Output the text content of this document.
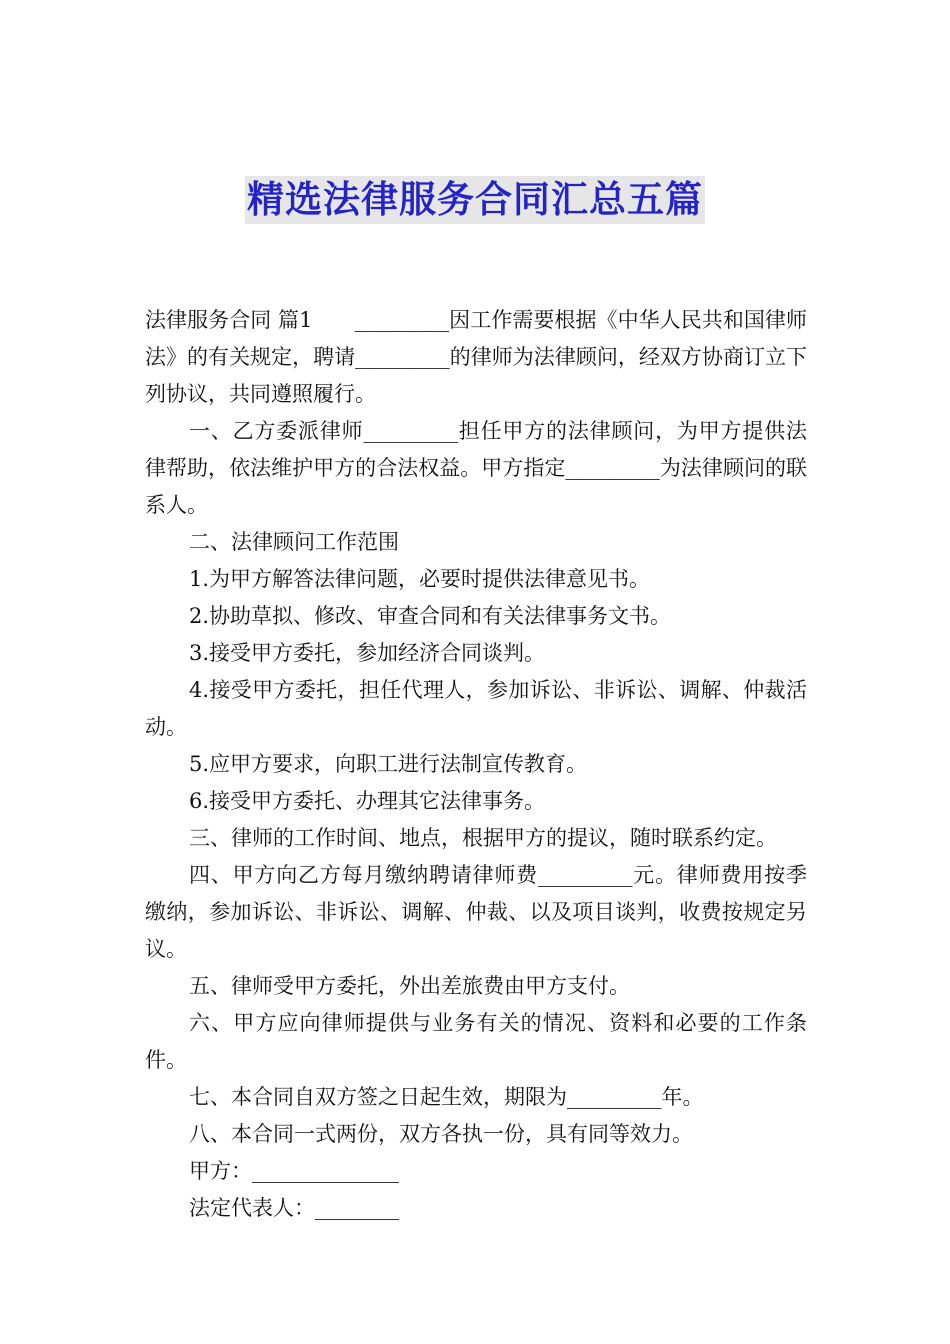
精选法律服务合同汇总五篇

法律服务合同 篇1　　_________因工作需要根据《中华人民共和国律师法》的有关规定，聘请_________的律师为法律顾问，经双方协商订立下列协议，共同遵照履行。

一、乙方委派律师_________担任甲方的法律顾问，为甲方提供法律帮助，依法维护甲方的合法权益。甲方指定_________为法律顾问的联系人。

二、法律顾问工作范围

1.为甲方解答法律问题，必要时提供法律意见书。

2.协助草拟、修改、审查合同和有关法律事务文书。

3.接受甲方委托，参加经济合同谈判。

4.接受甲方委托，担任代理人，参加诉讼、非诉讼、调解、仲裁活动。

5.应甲方要求，向职工进行法制宣传教育。

6.接受甲方委托、办理其它法律事务。

三、律师的工作时间、地点，根据甲方的提议，随时联系约定。

四、甲方向乙方每月缴纳聘请律师费_________元。律师费用按季缴纳，参加诉讼、非诉讼、调解、仲裁、以及项目谈判，收费按规定另议。

五、律师受甲方委托，外出差旅费由甲方支付。

六、甲方应向律师提供与业务有关的情况、资料和必要的工作条件。

七、本合同自双方签之日起生效，期限为_________年。

八、本合同一式两份，双方各执一份，具有同等效力。

甲方：______________

法定代表人：________
